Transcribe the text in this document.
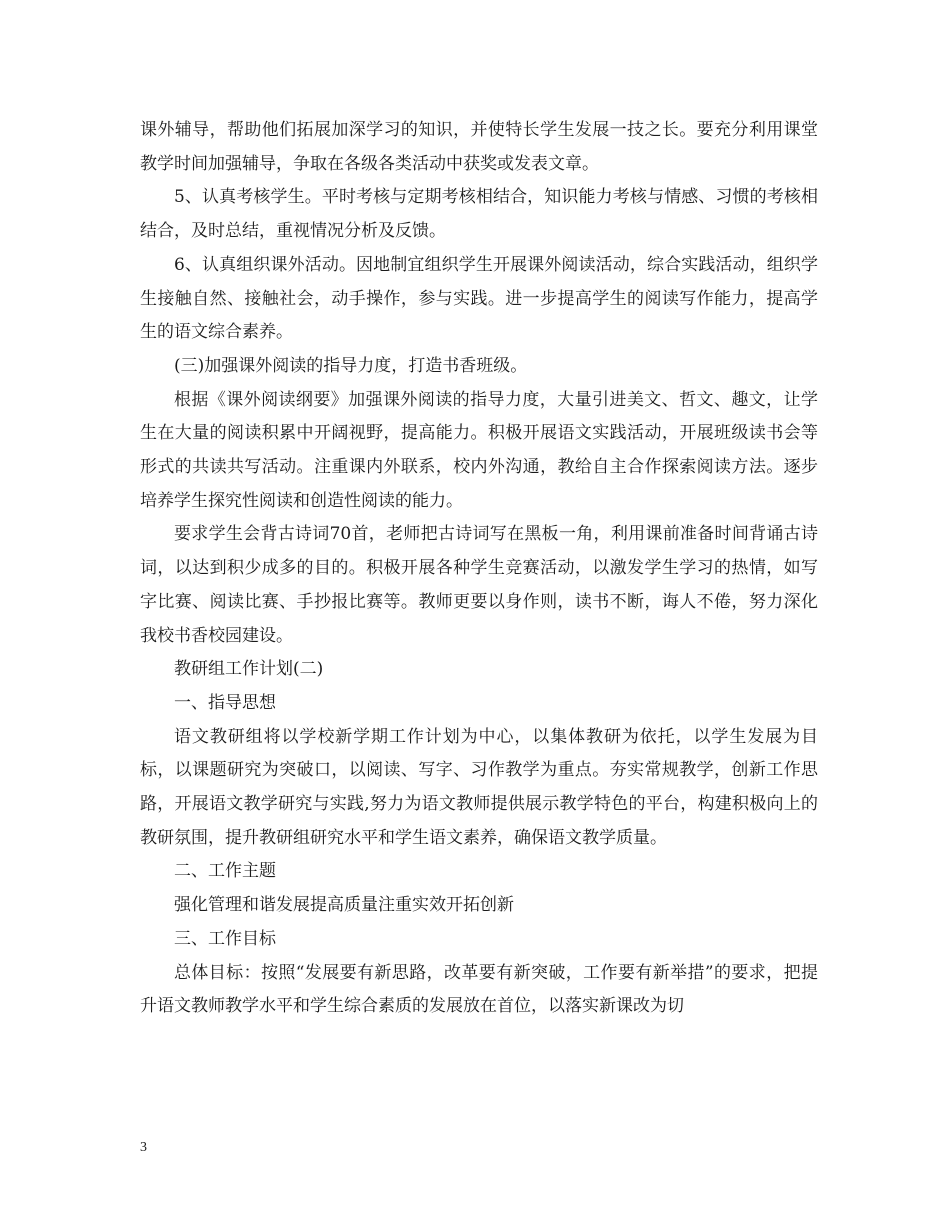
课外辅导，帮助他们拓展加深学习的知识，并使特长学生发展一技之长。要充分利用课堂教学时间加强辅导，争取在各级各类活动中获奖或发表文章。

5、认真考核学生。平时考核与定期考核相结合，知识能力考核与情感、习惯的考核相结合，及时总结，重视情况分析及反馈。

6、认真组织课外活动。因地制宜组织学生开展课外阅读活动，综合实践活动，组织学生接触自然、接触社会，动手操作，参与实践。进一步提高学生的阅读写作能力，提高学生的语文综合素养。

(三)加强课外阅读的指导力度，打造书香班级。

根据《课外阅读纲要》加强课外阅读的指导力度，大量引进美文、哲文、趣文，让学生在大量的阅读积累中开阔视野，提高能力。积极开展语文实践活动，开展班级读书会等形式的共读共写活动。注重课内外联系，校内外沟通，教给自主合作探索阅读方法。逐步培养学生探究性阅读和创造性阅读的能力。

要求学生会背古诗词70首，老师把古诗词写在黑板一角，利用课前准备时间背诵古诗词，以达到积少成多的目的。积极开展各种学生竞赛活动，以激发学生学习的热情，如写字比赛、阅读比赛、手抄报比赛等。教师更要以身作则，读书不断，诲人不倦，努力深化我校书香校园建设。

教研组工作计划(二)

一、指导思想

语文教研组将以学校新学期工作计划为中心，以集体教研为依托，以学生发展为目标，以课题研究为突破口，以阅读、写字、习作教学为重点。夯实常规教学，创新工作思路，开展语文教学研究与实践,努力为语文教师提供展示教学特色的平台，构建积极向上的教研氛围，提升教研组研究水平和学生语文素养，确保语文教学质量。

二、工作主题

强化管理和谐发展提高质量注重实效开拓创新

三、工作目标

总体目标：按照“发展要有新思路，改革要有新突破，工作要有新举措”的要求，把提升语文教师教学水平和学生综合素质的发展放在首位，以落实新课改为切

3
